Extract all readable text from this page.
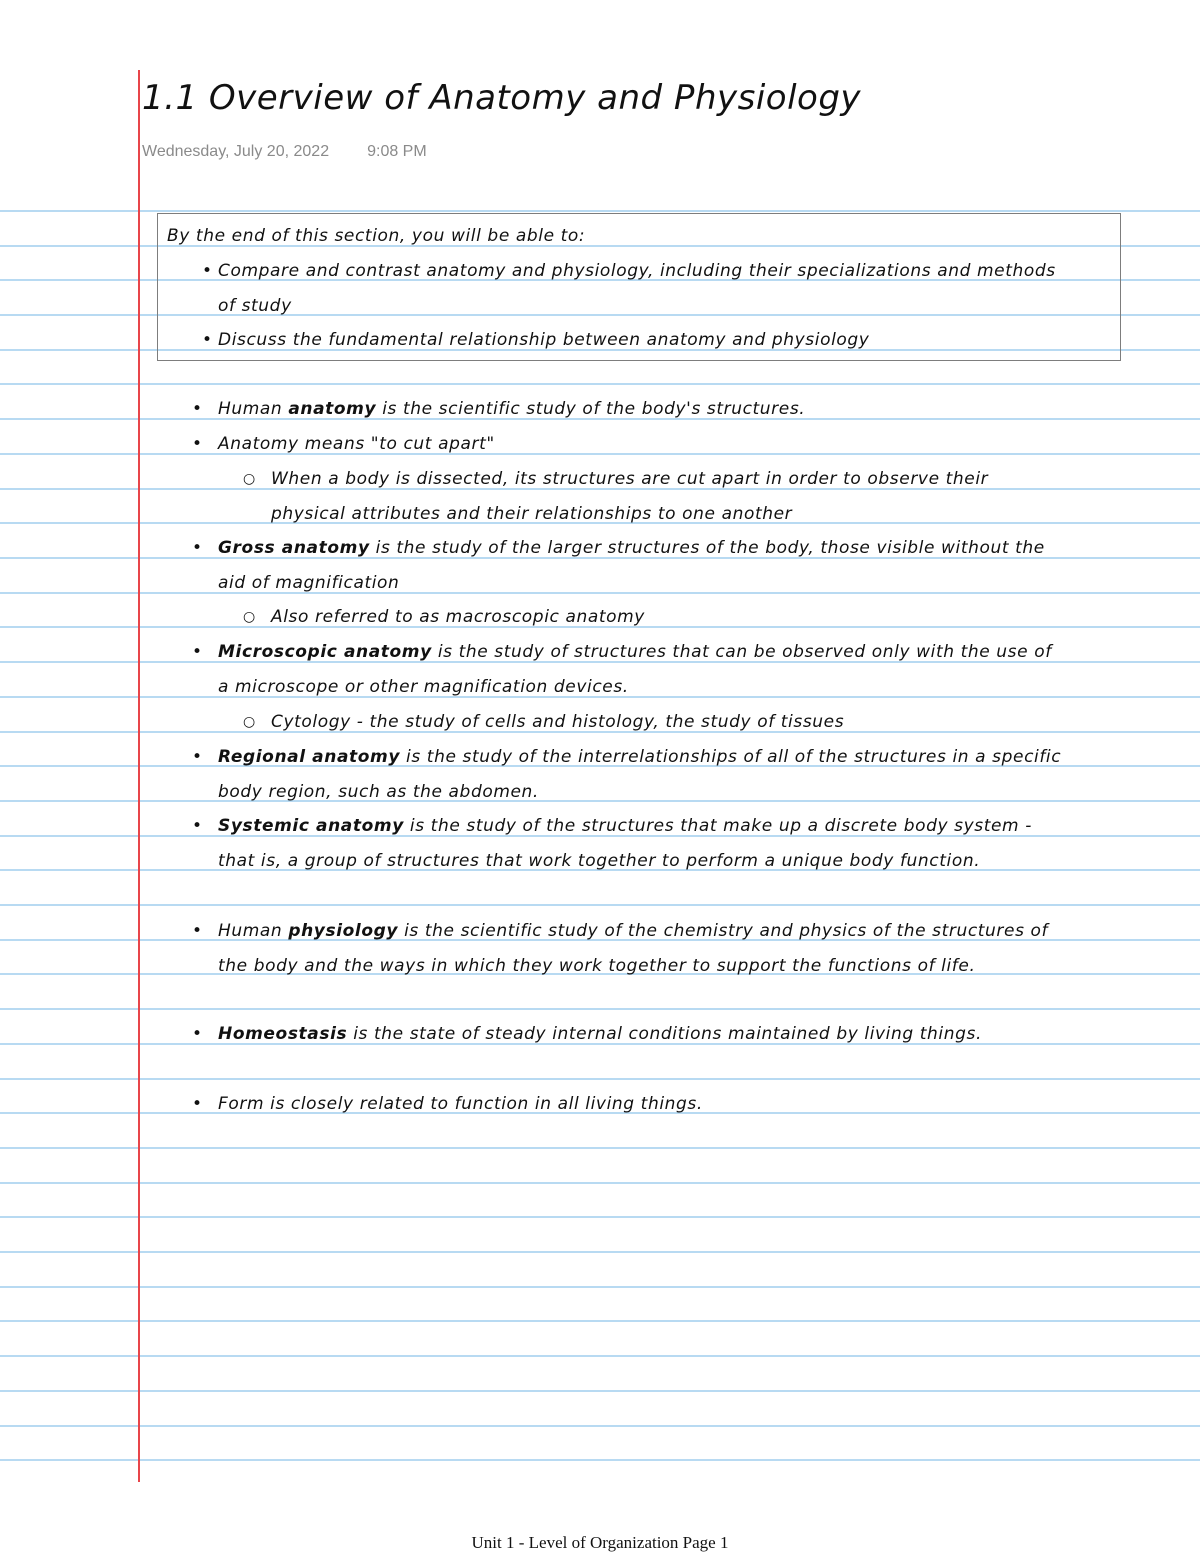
1.1 Overview of Anatomy and Physiology
Wednesday, July 20, 2022 9:08 PM
By the end of this section, you will be able to:
• Compare and contrast anatomy and physiology, including their specializations and methods of study
• Discuss the fundamental relationship between anatomy and physiology
• Human anatomy is the scientific study of the body's structures.
• Anatomy means "to cut apart"
○ When a body is dissected, its structures are cut apart in order to observe their physical attributes and their relationships to one another
• Gross anatomy is the study of the larger structures of the body, those visible without the aid of magnification
○ Also referred to as macroscopic anatomy
• Microscopic anatomy is the study of structures that can be observed only with the use of a microscope or other magnification devices.
○ Cytology - the study of cells and histology, the study of tissues
• Regional anatomy is the study of the interrelationships of all of the structures in a specific body region, such as the abdomen.
• Systemic anatomy is the study of the structures that make up a discrete body system - that is, a group of structures that work together to perform a unique body function.
• Human physiology is the scientific study of the chemistry and physics of the structures of the body and the ways in which they work together to support the functions of life.
• Homeostasis is the state of steady internal conditions maintained by living things.
• Form is closely related to function in all living things.
Unit 1 - Level of Organization Page 1
